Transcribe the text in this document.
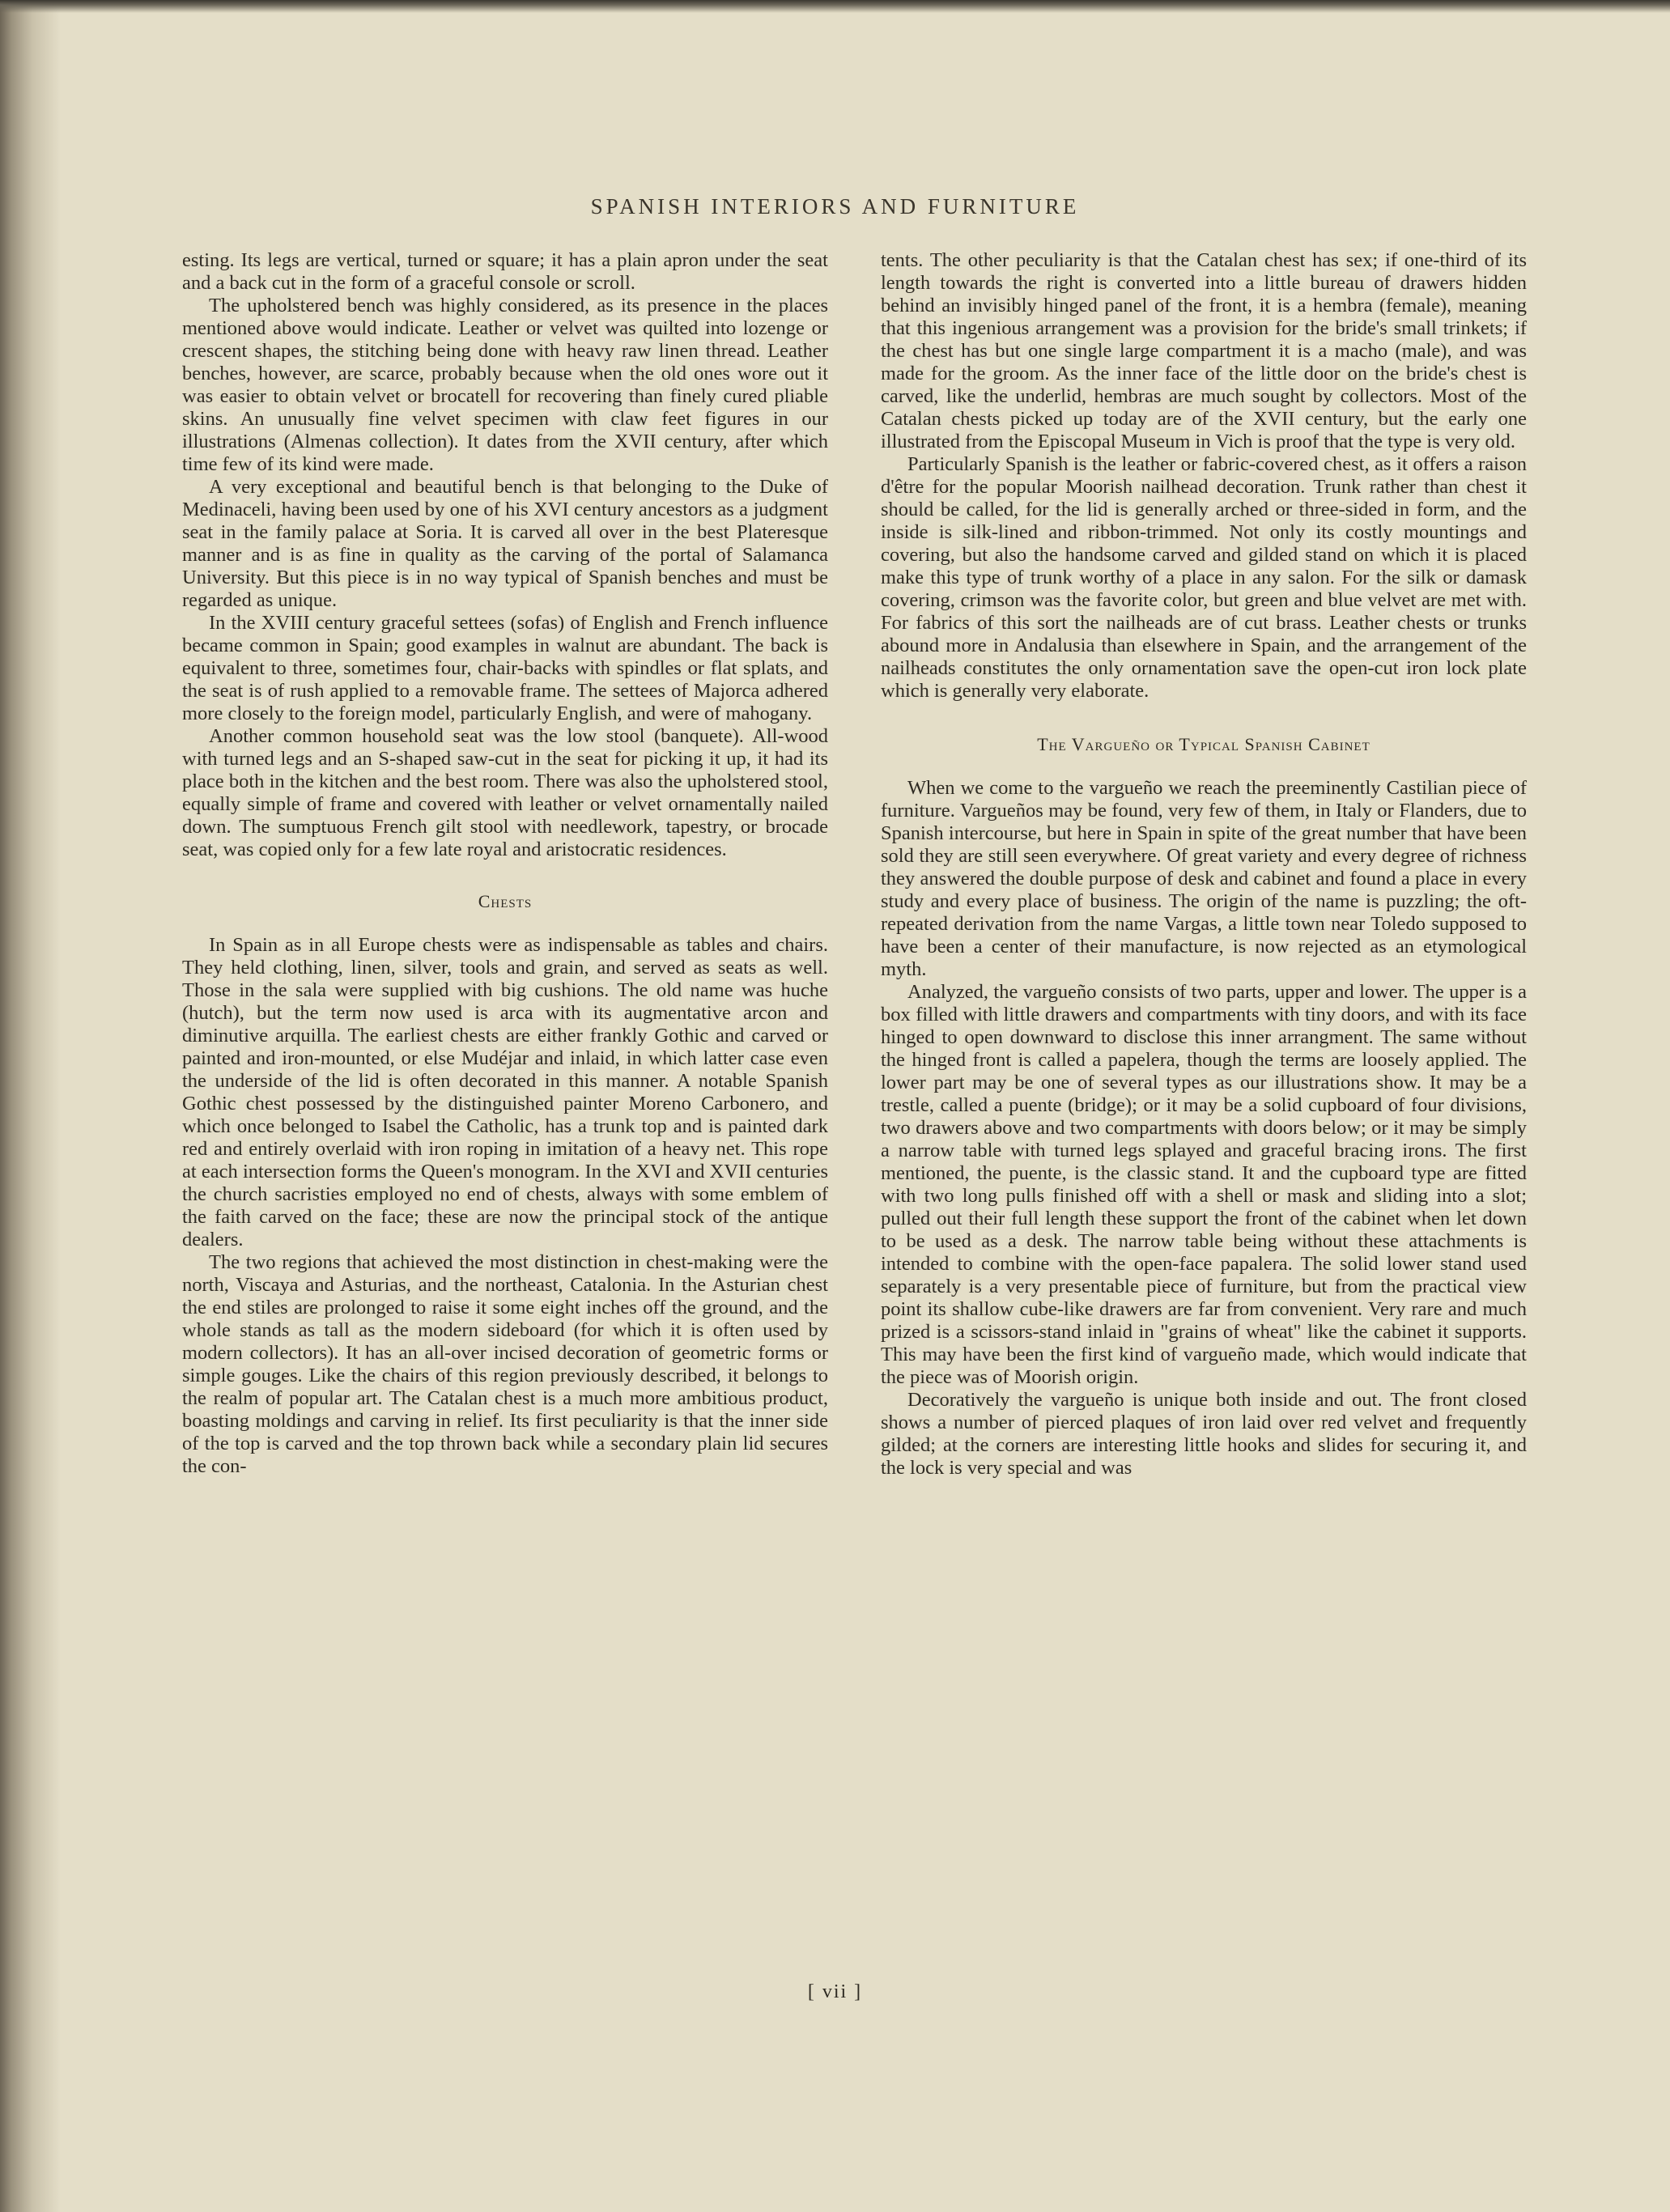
SPANISH INTERIORS AND FURNITURE

esting. Its legs are vertical, turned or square; it has a plain apron under the seat and a back cut in the form of a graceful console or scroll.

The upholstered bench was highly considered, as its presence in the places mentioned above would indicate. Leather or velvet was quilted into lozenge or crescent shapes, the stitching being done with heavy raw linen thread. Leather benches, however, are scarce, probably because when the old ones wore out it was easier to obtain velvet or brocatell for recovering than finely cured pliable skins. An unusually fine velvet specimen with claw feet figures in our illustrations (Almenas collection). It dates from the XVII century, after which time few of its kind were made.

A very exceptional and beautiful bench is that belonging to the Duke of Medinaceli, having been used by one of his XVI century ancestors as a judgment seat in the family palace at Soria. It is carved all over in the best Plateresque manner and is as fine in quality as the carving of the portal of Salamanca University. But this piece is in no way typical of Spanish benches and must be regarded as unique.

In the XVIII century graceful settees (sofas) of English and French influence became common in Spain; good examples in walnut are abundant. The back is equivalent to three, sometimes four, chair-backs with spindles or flat splats, and the seat is of rush applied to a removable frame. The settees of Majorca adhered more closely to the foreign model, particularly English, and were of mahogany.

Another common household seat was the low stool (banquete). All-wood with turned legs and an S-shaped saw-cut in the seat for picking it up, it had its place both in the kitchen and the best room. There was also the upholstered stool, equally simple of frame and covered with leather or velvet ornamentally nailed down. The sumptuous French gilt stool with needlework, tapestry, or brocade seat, was copied only for a few late royal and aristocratic residences.

Chests

In Spain as in all Europe chests were as indispensable as tables and chairs. They held clothing, linen, silver, tools and grain, and served as seats as well. Those in the sala were supplied with big cushions. The old name was huche (hutch), but the term now used is arca with its augmentative arcon and diminutive arquilla. The earliest chests are either frankly Gothic and carved or painted and iron-mounted, or else Mudéjar and inlaid, in which latter case even the underside of the lid is often decorated in this manner. A notable Spanish Gothic chest possessed by the distinguished painter Moreno Carbonero, and which once belonged to Isabel the Catholic, has a trunk top and is painted dark red and entirely overlaid with iron roping in imitation of a heavy net. This rope at each intersection forms the Queen's monogram. In the XVI and XVII centuries the church sacristies employed no end of chests, always with some emblem of the faith carved on the face; these are now the principal stock of the antique dealers.

The two regions that achieved the most distinction in chest-making were the north, Viscaya and Asturias, and the northeast, Catalonia. In the Asturian chest the end stiles are prolonged to raise it some eight inches off the ground, and the whole stands as tall as the modern sideboard (for which it is often used by modern collectors). It has an all-over incised decoration of geometric forms or simple gouges. Like the chairs of this region previously described, it belongs to the realm of popular art. The Catalan chest is a much more ambitious product, boasting moldings and carving in relief. Its first peculiarity is that the inner side of the top is carved and the top thrown back while a secondary plain lid secures the con-

tents. The other peculiarity is that the Catalan chest has sex; if one-third of its length towards the right is converted into a little bureau of drawers hidden behind an invisibly hinged panel of the front, it is a hembra (female), meaning that this ingenious arrangement was a provision for the bride's small trinkets; if the chest has but one single large compartment it is a macho (male), and was made for the groom. As the inner face of the little door on the bride's chest is carved, like the underlid, hembras are much sought by collectors. Most of the Catalan chests picked up today are of the XVII century, but the early one illustrated from the Episcopal Museum in Vich is proof that the type is very old.

Particularly Spanish is the leather or fabric-covered chest, as it offers a raison d'être for the popular Moorish nailhead decoration. Trunk rather than chest it should be called, for the lid is generally arched or three-sided in form, and the inside is silk-lined and ribbon-trimmed. Not only its costly mountings and covering, but also the handsome carved and gilded stand on which it is placed make this type of trunk worthy of a place in any salon. For the silk or damask covering, crimson was the favorite color, but green and blue velvet are met with. For fabrics of this sort the nailheads are of cut brass. Leather chests or trunks abound more in Andalusia than elsewhere in Spain, and the arrangement of the nailheads constitutes the only ornamentation save the open-cut iron lock plate which is generally very elaborate.

The Vargueño or Typical Spanish Cabinet

When we come to the vargueño we reach the preeminently Castilian piece of furniture. Vargueños may be found, very few of them, in Italy or Flanders, due to Spanish intercourse, but here in Spain in spite of the great number that have been sold they are still seen everywhere. Of great variety and every degree of richness they answered the double purpose of desk and cabinet and found a place in every study and every place of business. The origin of the name is puzzling; the oft-repeated derivation from the name Vargas, a little town near Toledo supposed to have been a center of their manufacture, is now rejected as an etymological myth.

Analyzed, the vargueño consists of two parts, upper and lower. The upper is a box filled with little drawers and compartments with tiny doors, and with its face hinged to open downward to disclose this inner arrangment. The same without the hinged front is called a papelera, though the terms are loosely applied. The lower part may be one of several types as our illustrations show. It may be a trestle, called a puente (bridge); or it may be a solid cupboard of four divisions, two drawers above and two compartments with doors below; or it may be simply a narrow table with turned legs splayed and graceful bracing irons. The first mentioned, the puente, is the classic stand. It and the cupboard type are fitted with two long pulls finished off with a shell or mask and sliding into a slot; pulled out their full length these support the front of the cabinet when let down to be used as a desk. The narrow table being without these attachments is intended to combine with the open-face papalera. The solid lower stand used separately is a very presentable piece of furniture, but from the practical view point its shallow cube-like drawers are far from convenient. Very rare and much prized is a scissors-stand inlaid in "grains of wheat" like the cabinet it supports. This may have been the first kind of vargueño made, which would indicate that the piece was of Moorish origin.

Decoratively the vargueño is unique both inside and out. The front closed shows a number of pierced plaques of iron laid over red velvet and frequently gilded; at the corners are interesting little hooks and slides for securing it, and the lock is very special and was

[ vii ]
